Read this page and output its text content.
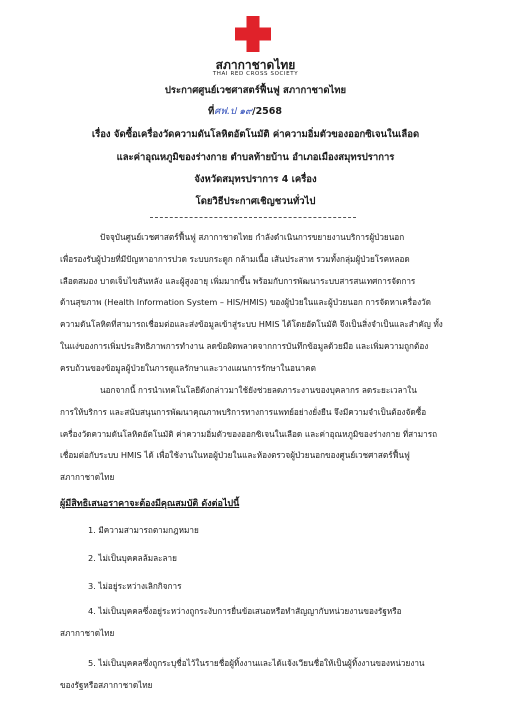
สภากาชาดไทย
THAI RED CROSS SOCIETY
ประกาศศูนย์เวชศาสตร์ฟื้นฟู สภากาชาดไทย
ที่ศฟ.ป ๑๙/2568
เรื่อง จัดซื้อเครื่องวัดความดันโลหิตอัตโนมัติ ค่าความอิ่มตัวของออกซิเจนในเลือด
และค่าอุณหภูมิของร่างกาย ตำบลท้ายบ้าน อำเภอเมืองสมุทรปราการ
จังหวัดสมุทรปราการ 4 เครื่อง
โดยวิธีประกาศเชิญชวนทั่วไป
ปัจจุบันศูนย์เวชศาสตร์ฟื้นฟู สภากาชาดไทย กำลังดำเนินการขยายงานบริการผู้ป่วยนอก
เพื่อรองรับผู้ป่วยที่มีปัญหาอาการปวด ระบบกระดูก กล้ามเนื้อ เส้นประสาท รวมทั้งกลุ่มผู้ป่วยโรคหลอด
เลือดสมอง บาดเจ็บไขสันหลัง และผู้สูงอายุ เพิ่มมากขึ้น พร้อมกับการพัฒนาระบบสารสนเทศการจัดการ
ด้านสุขภาพ (Health Information System – HIS/HMIS) ของผู้ป่วยในและผู้ป่วยนอก การจัดหาเครื่องวัด
ความดันโลหิตที่สามารถเชื่อมต่อและส่งข้อมูลเข้าสู่ระบบ HMIS ได้โดยอัตโนมัติ จึงเป็นสิ่งจำเป็นและสำคัญ ทั้ง
ในแง่ของการเพิ่มประสิทธิภาพการทำงาน ลดข้อผิดพลาดจากการบันทึกข้อมูลด้วยมือ และเพิ่มความถูกต้อง
ครบถ้วนของข้อมูลผู้ป่วยในการดูแลรักษาและวางแผนการรักษาในอนาคต
นอกจากนี้ การนำเทคโนโลยีดังกล่าวมาใช้ยังช่วยลดภาระงานของบุคลากร ลดระยะเวลาใน
การให้บริการ และสนับสนุนการพัฒนาคุณภาพบริการทางการแพทย์อย่างยั่งยืน จึงมีความจำเป็นต้องจัดซื้อ
เครื่องวัดความดันโลหิตอัตโนมัติ ค่าความอิ่มตัวของออกซิเจนในเลือด และค่าอุณหภูมิของร่างกาย ที่สามารถ
เชื่อมต่อกับระบบ HMIS ได้ เพื่อใช้งานในหอผู้ป่วยในและห้องตรวจผู้ป่วยนอกของศูนย์เวชศาสตร์ฟื้นฟู
สภากาชาดไทย
ผู้มีสิทธิเสนอราคาจะต้องมีคุณสมบัติ ดังต่อไปนี้
1. มีความสามารถตามกฎหมาย
2. ไม่เป็นบุคคลล้มละลาย
3. ไม่อยู่ระหว่างเลิกกิจการ
4. ไม่เป็นบุคคลซึ่งอยู่ระหว่างถูกระงับการยื่นข้อเสนอหรือทำสัญญากับหน่วยงานของรัฐหรือ
สภากาชาดไทย
5. ไม่เป็นบุคคลซึ่งถูกระบุชื่อไว้ในรายชื่อผู้ทิ้งงานและได้แจ้งเวียนชื่อให้เป็นผู้ทิ้งงานของหน่วยงาน
ของรัฐหรือสภากาชาดไทย
